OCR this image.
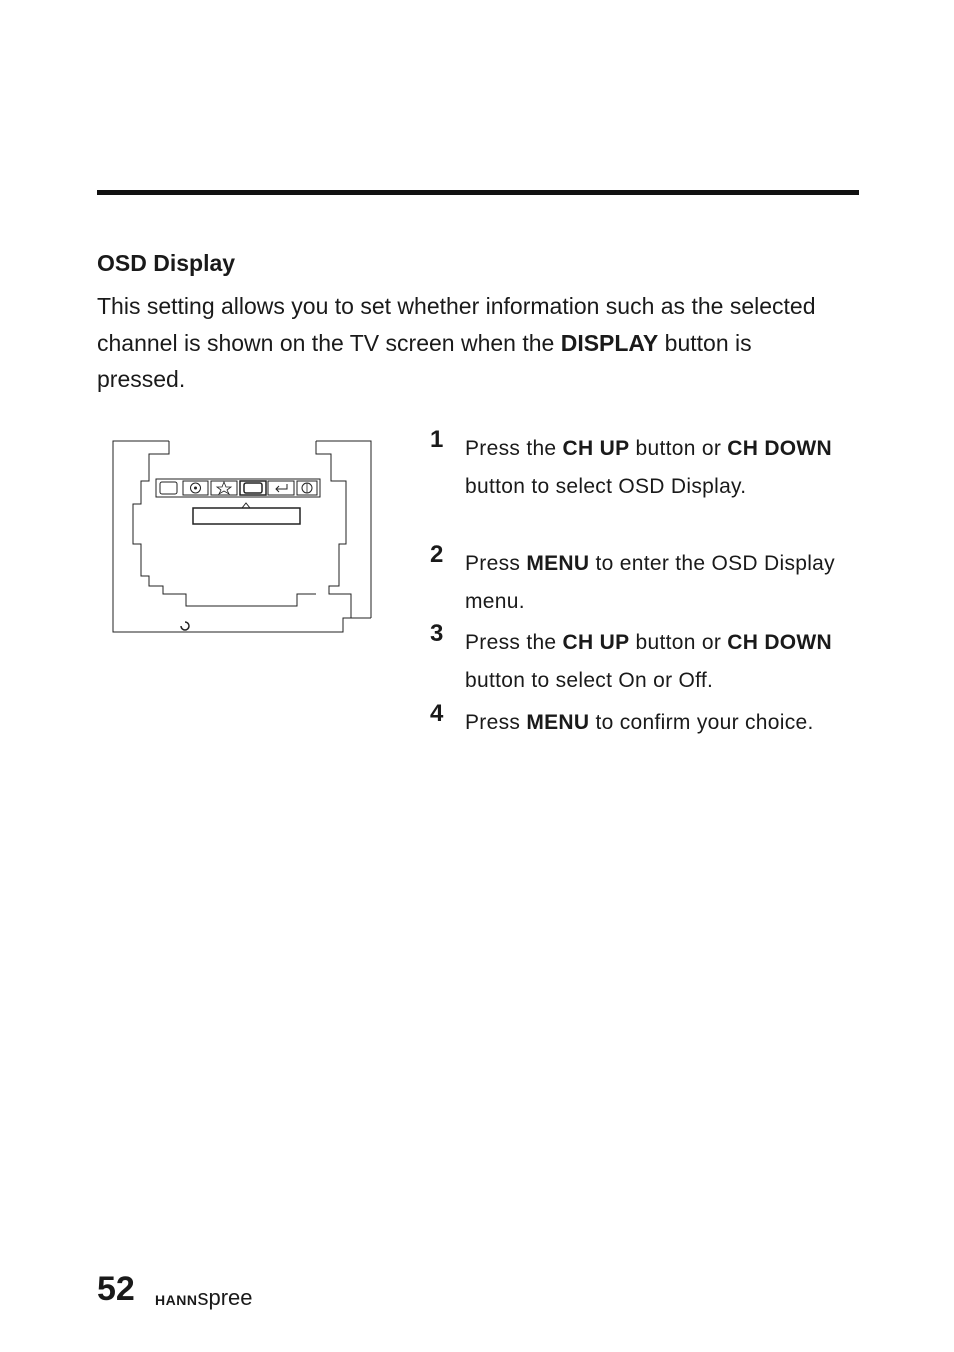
OSD Display

This setting allows you to set whether information such as the selected channel is shown on the TV screen when the DISPLAY button is pressed.

1 Press the CH UP button or CH DOWN button to select OSD Display.
2 Press MENU to enter the OSD Display menu.
3 Press the CH UP button or CH DOWN button to select On or Off.
4 Press MENU to confirm your choice.
52 HANNspree
